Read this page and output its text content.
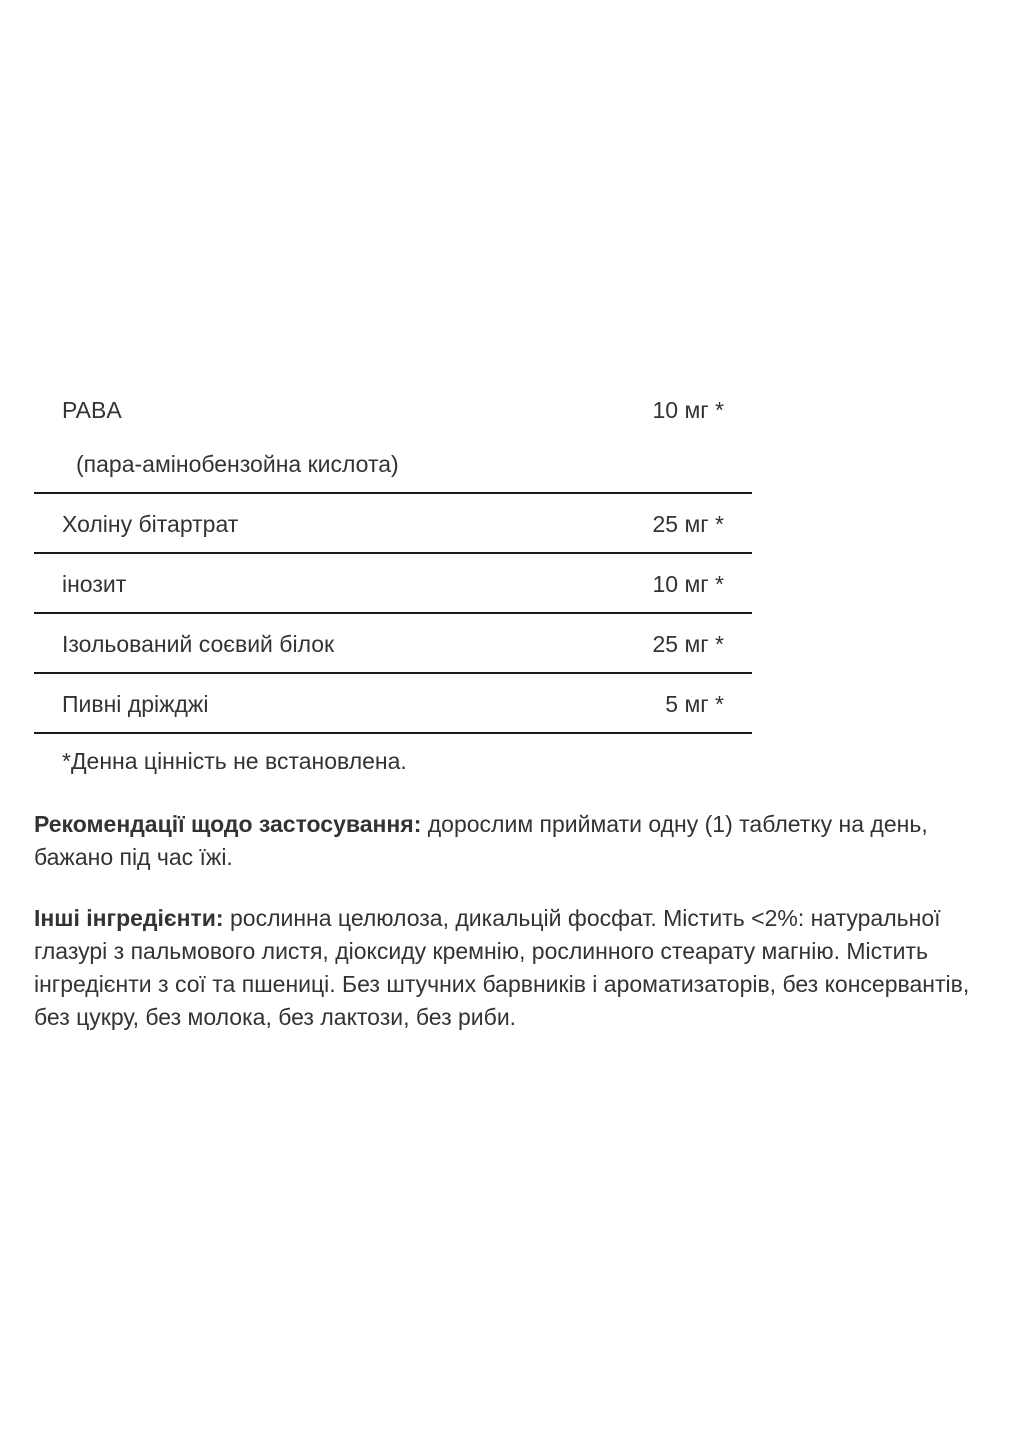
PABA	10 мг *
(пара-амінобензойна кислота)
Холіну бітартрат	25 мг *
інозит	10 мг *
Ізольований соєвий білок	25 мг *
Пивні дріжджі	5 мг *
*Денна цінність не встановлена.
Рекомендації щодо застосування: дорослим приймати одну (1) таблетку на день, бажано під час їжі.
Інші інгредієнти: рослинна целюлоза, дикальцій фосфат. Містить <2%: натуральної глазурі з пальмового листя, діоксиду кремнію, рослинного стеарату магнію. Містить інгредієнти з сої та пшениці. Без штучних барвників і ароматизаторів, без консервантів, без цукру, без молока, без лактози, без риби.
